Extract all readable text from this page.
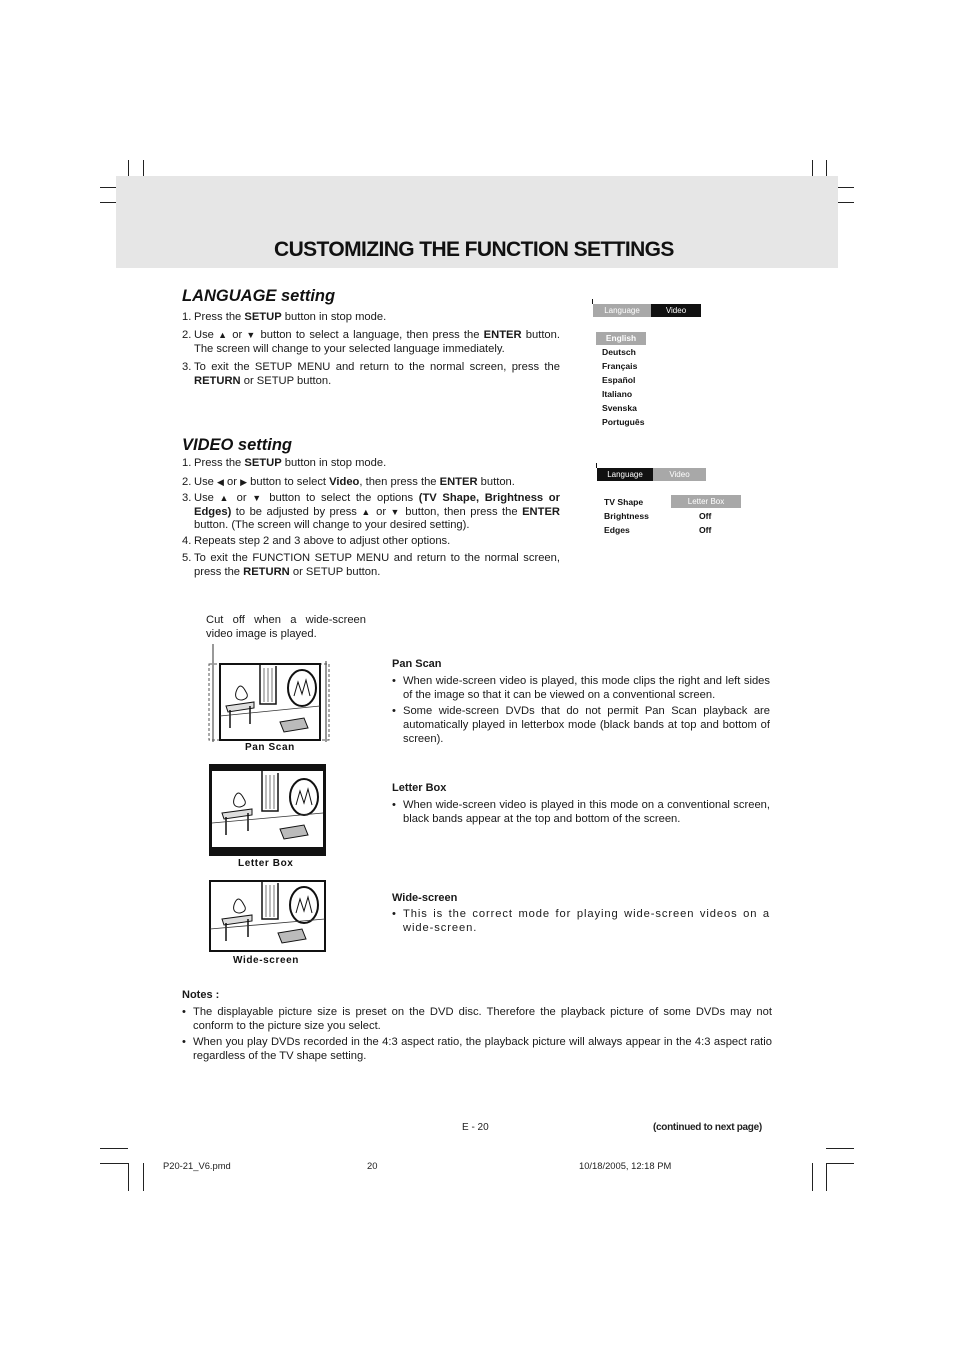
CUSTOMIZING THE FUNCTION SETTINGS
LANGUAGE setting
1. Press the SETUP button in stop mode.
2. Use ▲ or ▼ button to select a language, then press the ENTER button. The screen will change to your selected language immediately.
3. To exit the SETUP MENU and return to the normal screen, press the RETURN or SETUP button.
Language	Video
English
Deutsch
Français
Español
Italiano
Svenska
Português
VIDEO setting
1. Press the SETUP button in stop mode.
2. Use ◀ or ▶ button to select Video, then press the ENTER button.
3. Use ▲ or ▼ button to select the options (TV Shape, Brightness or Edges) to be adjusted by press ▲ or ▼ button, then press the ENTER button. (The screen will change to your desired setting).
4. Repeats step 2 and 3 above to adjust other options.
5. To exit the FUNCTION SETUP MENU and return to the normal screen, press the RETURN or SETUP button.
Language	Video
TV Shape	Letter Box
Brightness	Off
Edges	Off
Cut off when a wide-screen video image is played.
Pan Scan
Letter Box
Wide-screen
Pan Scan
• When wide-screen video is played, this mode clips the right and left sides of the image so that it can be viewed on a conventional screen.
• Some wide-screen DVDs that do not permit Pan Scan playback are automatically played in letterbox mode (black bands at top and bottom of screen).
Letter Box
• When wide-screen video is played in this mode on a conventional screen, black bands appear at the top and bottom of the screen.
Wide-screen
• This is the correct mode for playing wide-screen videos on a wide-screen.
Notes :
• The displayable picture size is preset on the DVD disc. Therefore the playback picture of some DVDs may not conform to the picture size you select.
• When you play DVDs recorded in the 4:3 aspect ratio, the playback picture will always appear in the 4:3 aspect ratio regardless of the TV shape setting.
E - 20	(continued to next page)
P20-21_V6.pmd	20	10/18/2005, 12:18 PM
